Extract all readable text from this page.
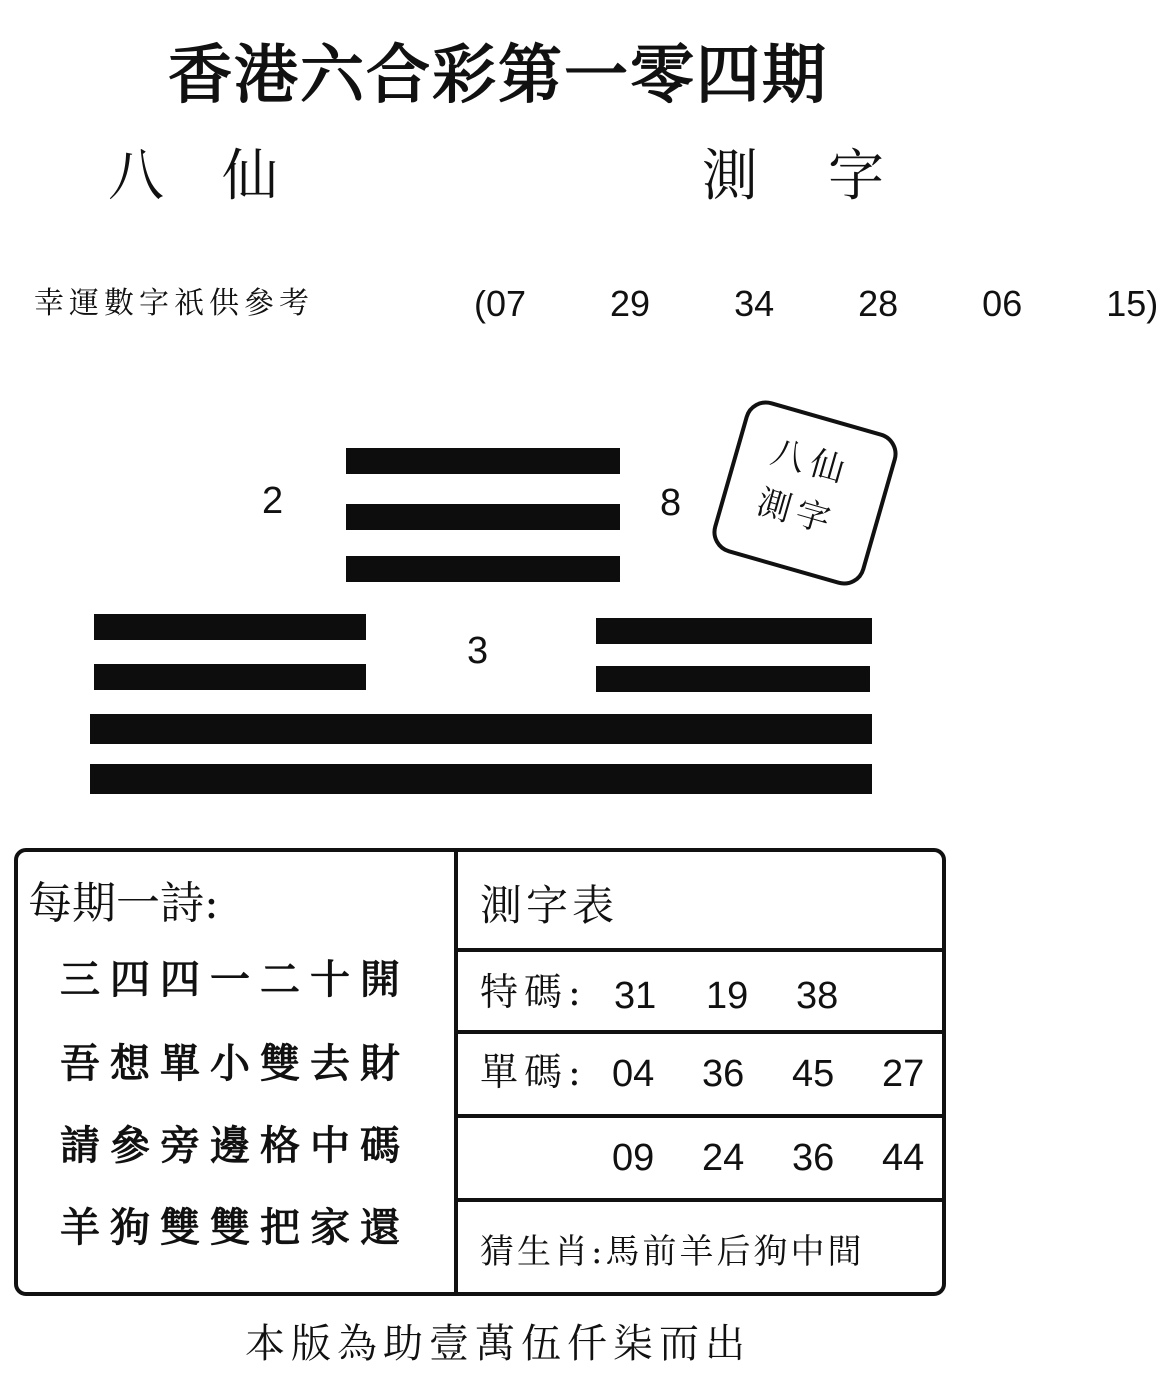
香港六合彩第一零四期
八仙	測字
幸運數字祇供參考	(07   29   34   28   06   15)
2	8
八仙
測字
3
每期一詩:
三四四一二十開
吾想單小雙去財
請參旁邊格中碼
羊狗雙雙把家還
測字表
特碼: 31 19 38
單碼: 04 36 45 27
09 24 36 44
猜生肖:馬前羊后狗中間
本版為助壹萬伍仟柒而出
